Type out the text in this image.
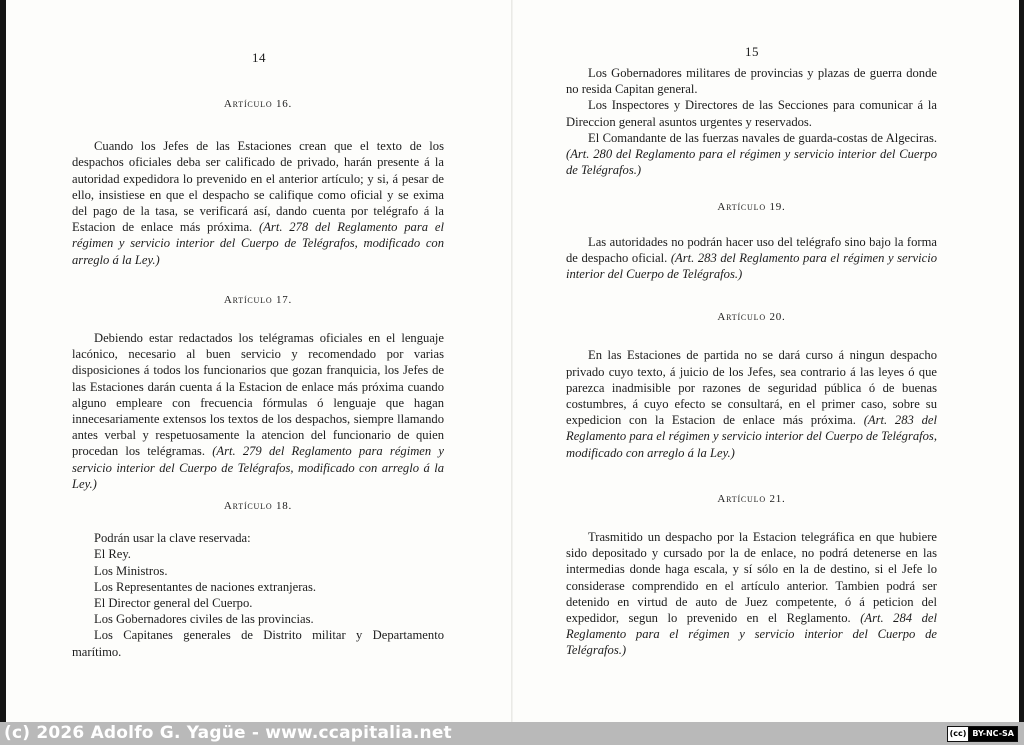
14

Artículo 16.

Cuando los Jefes de las Estaciones crean que el texto de los despachos oficiales deba ser calificado de privado, harán presente á la autoridad expedidora lo prevenido en el anterior artículo; y si, á pesar de ello, insistiese en que el despacho se califique como oficial y se exima del pago de la tasa, se verificará así, dando cuenta por telégrafo á la Estacion de enlace más próxima. (Art. 278 del Reglamento para el régimen y servicio interior del Cuerpo de Telégrafos, modificado con arreglo á la Ley.)

Artículo 17.

Debiendo estar redactados los telégramas oficiales en el lenguaje lacónico, necesario al buen servicio y recomendado por varias disposiciones á todos los funcionarios que gozan franquicia, los Jefes de las Estaciones darán cuenta á la Estacion de enlace más próxima cuando alguno empleare con frecuencia fórmulas ó lenguaje que hagan innecesariamente extensos los textos de los despachos, siempre llamando antes verbal y respetuosamente la atencion del funcionario de quien procedan los telégramas. (Art. 279 del Reglamento para régimen y servicio interior del Cuerpo de Telégrafos, modificado con arreglo á la Ley.)

Artículo 18.

Podrán usar la clave reservada:
El Rey.
Los Ministros.
Los Representantes de naciones extranjeras.
El Director general del Cuerpo.
Los Gobernadores civiles de las provincias.

Los Capitanes generales de Distrito militar y Departamento marítimo.

15

Los Gobernadores militares de provincias y plazas de guerra donde no resida Capitan general.

Los Inspectores y Directores de las Secciones para comunicar á la Direccion general asuntos urgentes y reservados.

El Comandante de las fuerzas navales de guarda-costas de Algeciras. (Art. 280 del Reglamento para el régimen y servicio interior del Cuerpo de Telégrafos.)

Artículo 19.

Las autoridades no podrán hacer uso del telégrafo sino bajo la forma de despacho oficial. (Art. 283 del Reglamento para el régimen y servicio interior del Cuerpo de Telégrafos.)

Artículo 20.

En las Estaciones de partida no se dará curso á ningun despacho privado cuyo texto, á juicio de los Jefes, sea contrario á las leyes ó que parezca inadmisible por razones de seguridad pública ó de buenas costumbres, á cuyo efecto se consultará, en el primer caso, sobre su expedicion con la Estacion de enlace más próxima. (Art. 283 del Reglamento para el régimen y servicio interior del Cuerpo de Telégrafos, modificado con arreglo á la Ley.)

Artículo 21.

Trasmitido un despacho por la Estacion telegráfica en que hubiere sido depositado y cursado por la de enlace, no podrá detenerse en las intermedias donde haga escala, y sí sólo en la de destino, si el Jefe lo considerase comprendido en el artículo anterior. Tambien podrá ser detenido en virtud de auto de Juez competente, ó á peticion del expedidor, segun lo prevenido en el Reglamento. (Art. 284 del Reglamento para el régimen y servicio interior del Cuerpo de Telégrafos.)

(c) 2026 Adolfo G. Yagüe - www.ccapitalia.net	(cc) BY-NC-SA
